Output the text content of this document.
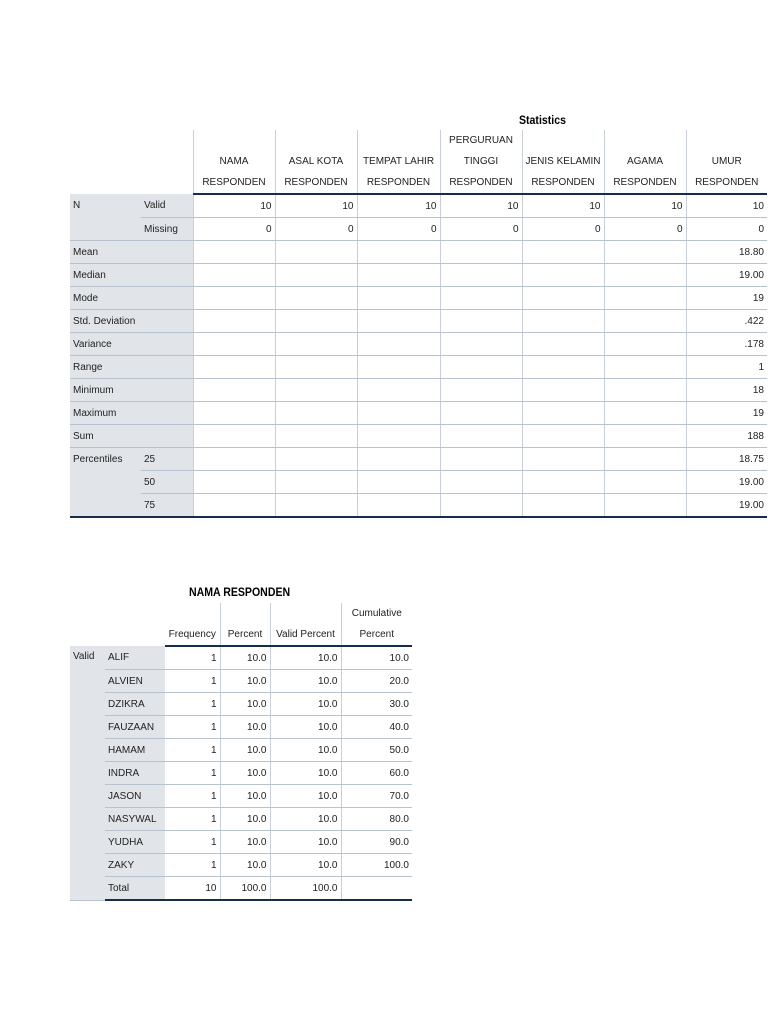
Statistics
		NAMA RESPONDEN	ASAL KOTA RESPONDEN	TEMPAT LAHIR RESPONDEN	PERGURUAN TINGGI RESPONDEN	JENIS KELAMIN RESPONDEN	AGAMA RESPONDEN	UMUR RESPONDEN
N	Valid	10	10	10	10	10	10	10
	Missing	0	0	0	0	0	0	0
Mean								18.80
Median								19.00
Mode								19
Std. Deviation								.422
Variance								.178
Range								1
Minimum								18
Maximum								19
Sum								188
Percentiles	25							18.75
	50							19.00
	75							19.00
NAMA RESPONDEN
		Frequency	Percent	Valid Percent	Cumulative Percent
Valid	ALIF	1	10.0	10.0	10.0
	ALVIEN	1	10.0	10.0	20.0
	DZIKRA	1	10.0	10.0	30.0
	FAUZAAN	1	10.0	10.0	40.0
	HAMAM	1	10.0	10.0	50.0
	INDRA	1	10.0	10.0	60.0
	JASON	1	10.0	10.0	70.0
	NASYWAL	1	10.0	10.0	80.0
	YUDHA	1	10.0	10.0	90.0
	ZAKY	1	10.0	10.0	100.0
	Total	10	100.0	100.0	
